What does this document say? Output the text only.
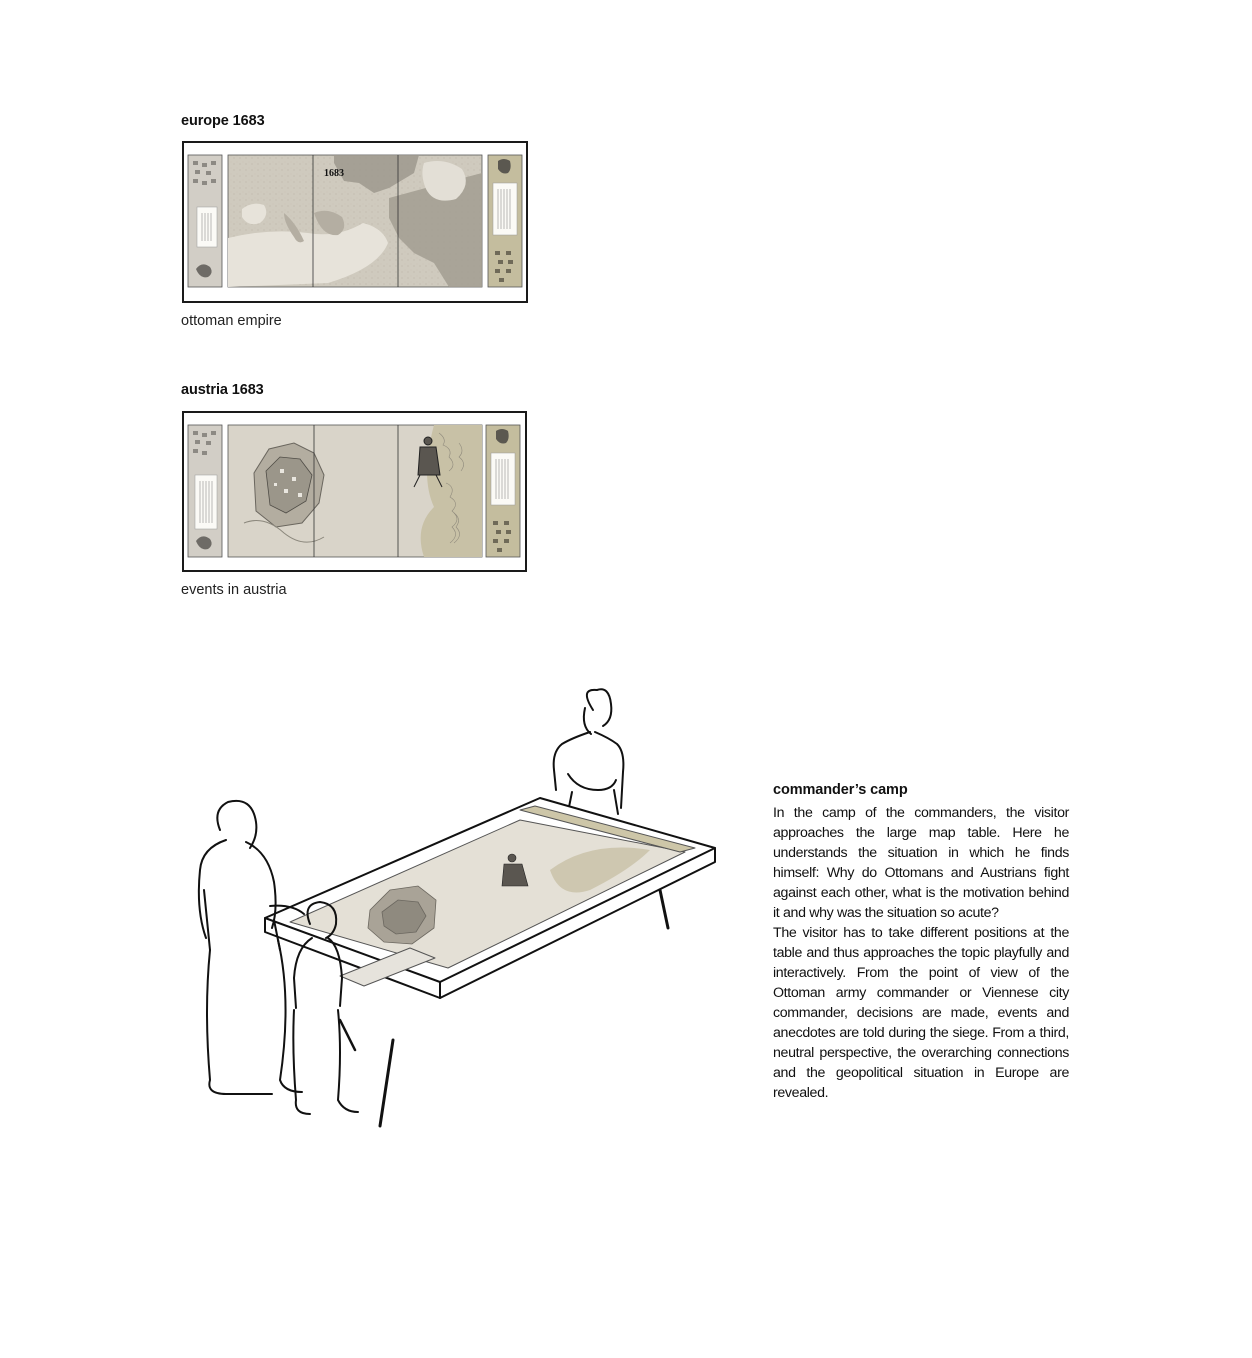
europe 1683
1683
ottoman empire
austria 1683
events in austria
commander’s camp

In the camp of the commanders, the visitor approaches the large map table. Here he understands the situation in which he finds himself: Why do Ottomans and Austrians fight against each other, what is the motivation behind it and why was the situation so acute?

The visitor has to take different positions at the table and thus approaches the topic playfully and interactively. From the point of view of the Ottoman army commander or Viennese city commander, decisions are made, events and anecdotes are told during the siege. From a third, neutral perspective, the overarching connections and the geopolitical situation in Europe are revealed.
